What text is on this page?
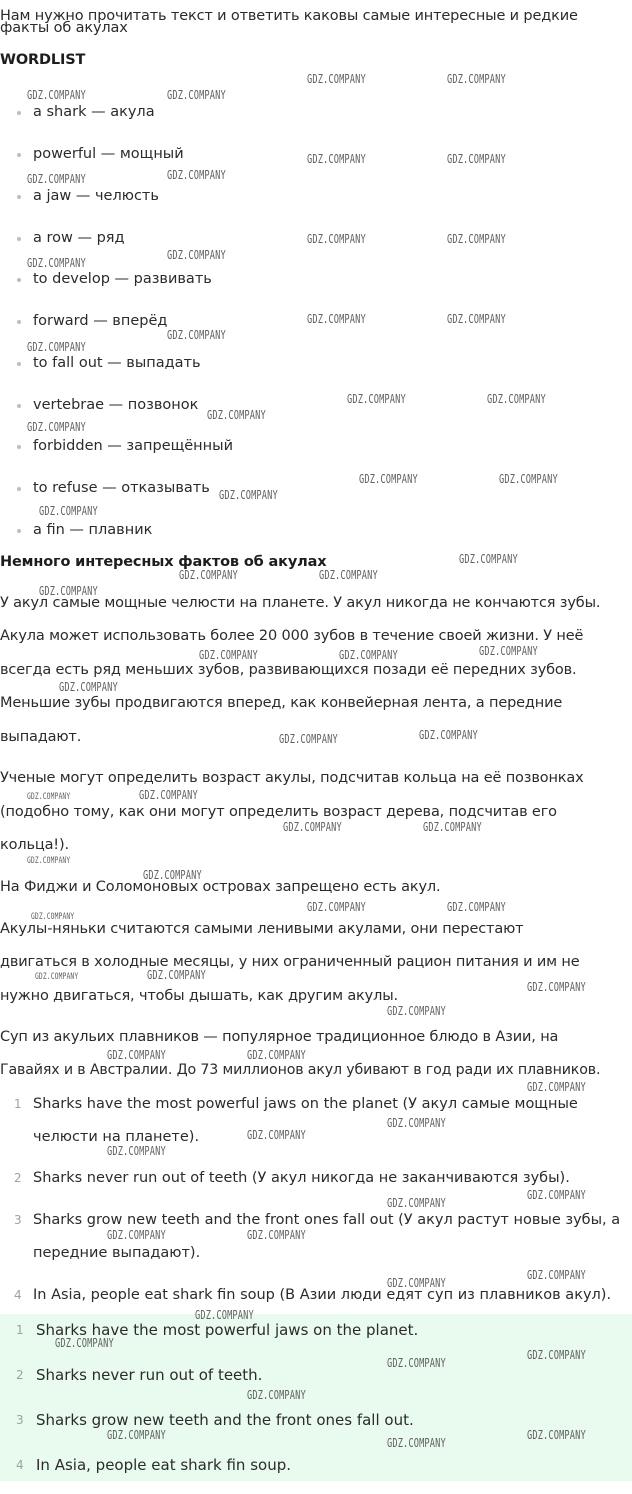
Нам нужно прочитать текст и ответить каковы самые интересные и редкие
факты об акулах
WORDLIST
a shark — акула
powerful — мощный
a jaw — челюсть
a row — ряд
to develop — развивать
forward — вперёд
to fall out — выпадать
vertebrae — позвонок
forbidden — запрещённый
to refuse — отказывать
a fin — плавник
Немного интересных фактов об акулах
У акул самые мощные челюсти на планете. У акул никогда не кончаются зубы.
Акула может использовать более 20 000 зубов в течение своей жизни. У неё
всегда есть ряд меньших зубов, развивающихся позади её передних зубов.
Меньшие зубы продвигаются вперед, как конвейерная лента, а передние
выпадают.
Ученые могут определить возраст акулы, подсчитав кольца на её позвонках
(подобно тому, как они могут определить возраст дерева, подсчитав его
кольца!).
На Фиджи и Соломоновых островах запрещено есть акул.
Акулы-няньки считаются самыми ленивыми акулами, они перестают
двигаться в холодные месяцы, у них ограниченный рацион питания и им не
нужно двигаться, чтобы дышать, как другим акулы.
Суп из акульих плавников — популярное традиционное блюдо в Азии, на
Гавайях и в Австралии. До 73 миллионов акул убивают в год ради их плавников.
1 Sharks have the most powerful jaws on the planet (У акул самые мощные челюсти на планете).
2 Sharks never run out of teeth (У акул никогда не заканчиваются зубы).
3 Sharks grow new teeth and the front ones fall out (У акул растут новые зубы, а передние выпадают).
4 In Asia, people eat shark fin soup (В Азии люди едят суп из плавников акул).
1 Sharks have the most powerful jaws on the planet.
2 Sharks never run out of teeth.
3 Sharks grow new teeth and the front ones fall out.
4 In Asia, people eat shark fin soup.
GDZ.COMPANY	GDZ.COMPANY
GDZ.COMPANY	GDZ.COMPANY
GDZ.COMPANY	GDZ.COMPANY
GDZ.COMPANY
GDZ.COMPANY
GDZ.COMPANY	GDZ.COMPANY
GDZ.COMPANY
GDZ.COMPANY
GDZ.COMPANY	GDZ.COMPANY
GDZ.COMPANY
GDZ.COMPANY
GDZ.COMPANY	GDZ.COMPANY
GDZ.COMPANY
GDZ.COMPANY
GDZ.COMPANY	GDZ.COMPANY
GDZ.COMPANY
GDZ.COMPANY
GDZ.COMPANY
GDZ.COMPANY	GDZ.COMPANY
GDZ.COMPANY
GDZ.COMPANY
GDZ.COMPANY	GDZ.COMPANY
GDZ.COMPANY
GDZ.COMPANY
GDZ.COMPANY
GDZ.COMPANY	GDZ.COMPANY
GDZ.COMPANY	GDZ.COMPANY
GDZ.COMPANY
GDZ.COMPANY
GDZ.COMPANY	GDZ.COMPANY
GDZ.COMPANY
GDZ.COMPANY	GDZ.COMPANY
GDZ.COMPANY
GDZ.COMPANY
GDZ.COMPANY	GDZ.COMPANY
GDZ.COMPANY
GDZ.COMPANY
GDZ.COMPANY
GDZ.COMPANY
GDZ.COMPANY
GDZ.COMPANY
GDZ.COMPANY	GDZ.COMPANY
GDZ.COMPANY
GDZ.COMPANY
GDZ.COMPANY
GDZ.COMPANY
GDZ.COMPANY
GDZ.COMPANY
GDZ.COMPANY
GDZ.COMPANY	GDZ.COMPANY
GDZ.COMPANY
